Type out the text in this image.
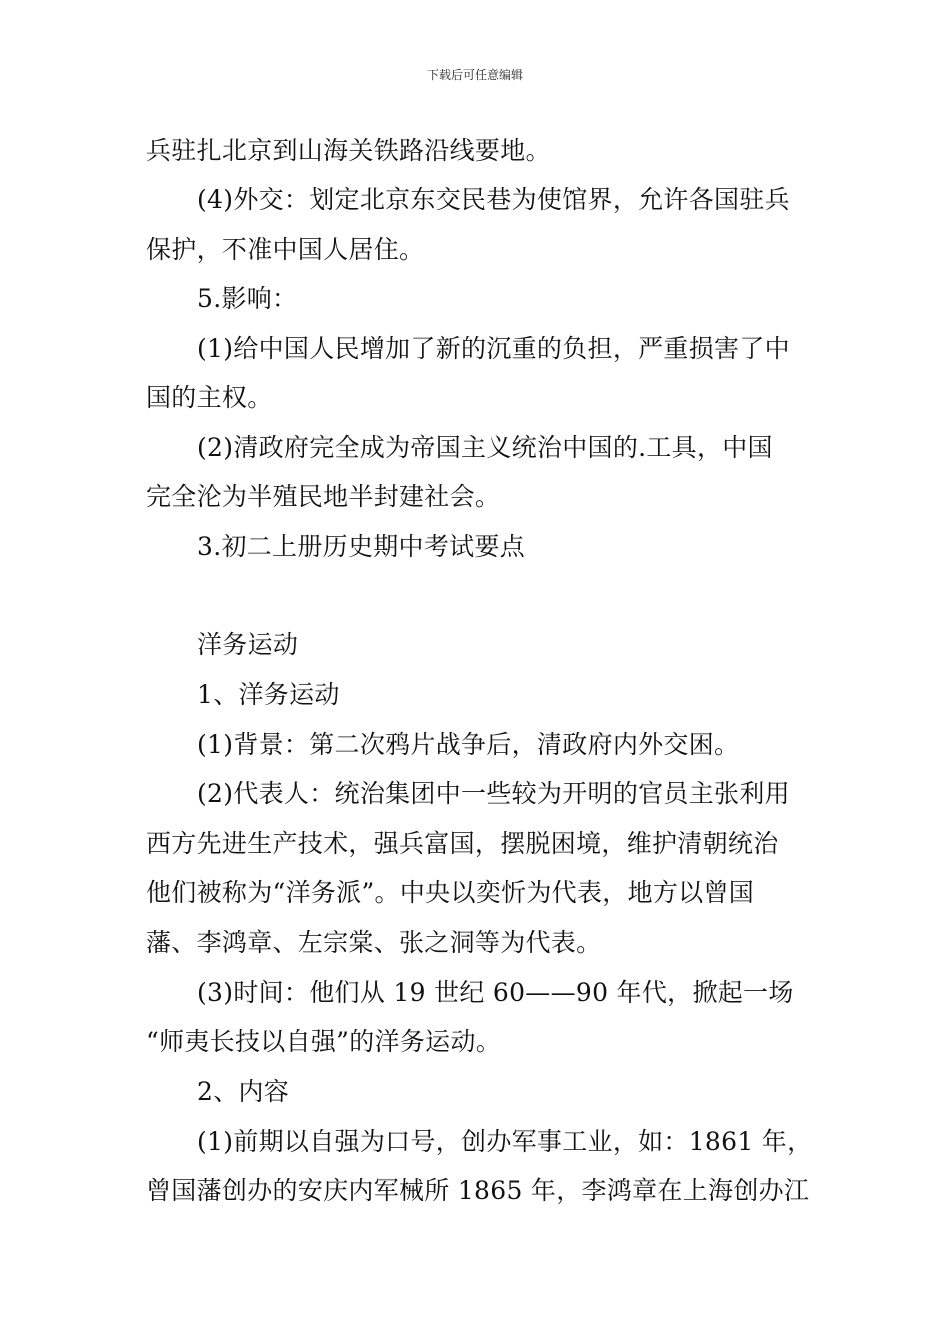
下载后可任意编辑
兵驻扎北京到山海关铁路沿线要地。
(4)外交：划定北京东交民巷为使馆界，允许各国驻兵
保护，不准中国人居住。
5.影响：
(1)给中国人民增加了新的沉重的负担，严重损害了中
国的主权。
(2)清政府完全成为帝国主义统治中国的.工具，中国
完全沦为半殖民地半封建社会。
3.初二上册历史期中考试要点
洋务运动
1、洋务运动
(1)背景：第二次鸦片战争后，清政府内外交困。
(2)代表人：统治集团中一些较为开明的官员主张利用
西方先进生产技术，强兵富国，摆脱困境，维护清朝统治
他们被称为“洋务派”。中央以奕忻为代表，地方以曾国
藩、李鸿章、左宗棠、张之洞等为代表。
(3)时间：他们从 19 世纪 60——90 年代，掀起一场
“师夷长技以自强”的洋务运动。
2、内容
(1)前期以自强为口号，创办军事工业，如：1861 年，
曾国藩创办的安庆内军械所 1865 年，李鸿章在上海创办江
